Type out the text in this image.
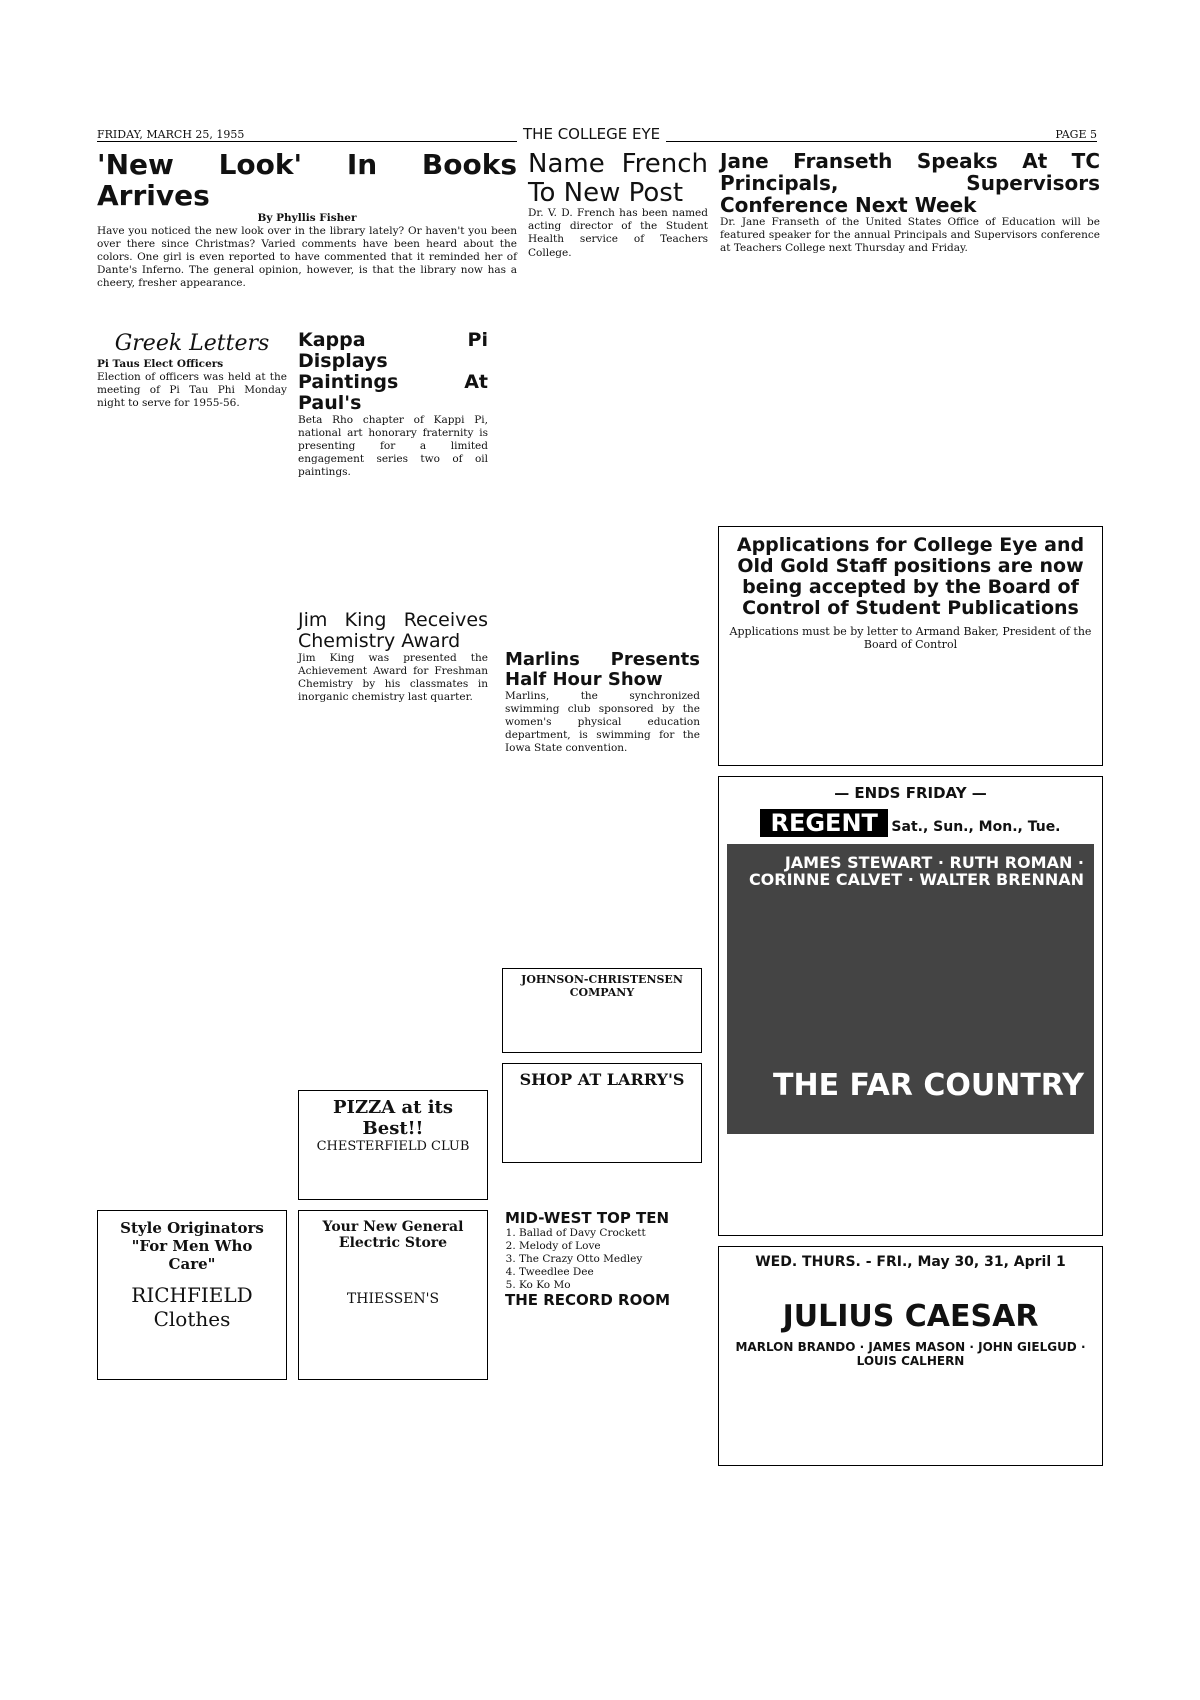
FRIDAY, MARCH 25, 1955	THE COLLEGE EYE	PAGE 5
'New Look' In Books Arrives
By Phyllis Fisher
Have you noticed the new look over in the library lately? Or haven't you been over there since Christmas? Varied comments have been heard about the colors. One girl is even reported to have commented that it reminded her of Dante's Inferno. The general opinion, however, is that the library now has a cheery, fresher appearance.
Name French To New Post
Dr. V. D. French has been named acting director of the Student Health service of Teachers College.
Jane Franseth Speaks At TC Principals, Supervisors Conference Next Week
Dr. Jane Franseth of the United States Office of Education will be featured speaker for the annual Principals and Supervisors conference at Teachers College next Thursday and Friday.
Greek Letters
Pi Taus Elect Officers
Election of officers was held at the meeting of Pi Tau Phi Monday night to serve for 1955-56.
Kappa Pi Displays Paintings At Paul's
Beta Rho chapter of Kappi Pi, national art honorary fraternity is presenting for a limited engagement series two of oil paintings.
Jim King Receives Chemistry Award
Jim King was presented the Achievement Award for Freshman Chemistry by his classmates in inorganic chemistry last quarter.
Marlins Presents Half Hour Show
Marlins, the synchronized swimming club sponsored by the women's physical education department, is swimming for the Iowa State convention.
Applications for College Eye and Old Gold Staff positions are now being accepted by the Board of Control of Student Publications
Applications must be by letter to Armand Baker, President of the Board of Control
— ENDS FRIDAY —
REGENT Sat., Sun., Mon., Tue.
JAMES STEWART · RUTH ROMAN · CORINNE CALVET · WALTER BRENNAN
THE FAR COUNTRY
WED. THURS. - FRI., May 30, 31, April 1
JULIUS CAESAR
MARLON BRANDO · JAMES MASON · JOHN GIELGUD · LOUIS CALHERN
JOHNSON-CHRISTENSEN COMPANY
SHOP AT LARRY'S
PIZZA at its Best!!
CHESTERFIELD CLUB
Style Originators "For Men Who Care"
RICHFIELD Clothes
Your New General Electric Store
THIESSEN'S
MID-WEST TOP TEN
1. Ballad of Davy Crockett
2. Melody of Love
3. The Crazy Otto Medley
4. Tweedlee Dee
5. Ko Ko Mo
THE RECORD ROOM
